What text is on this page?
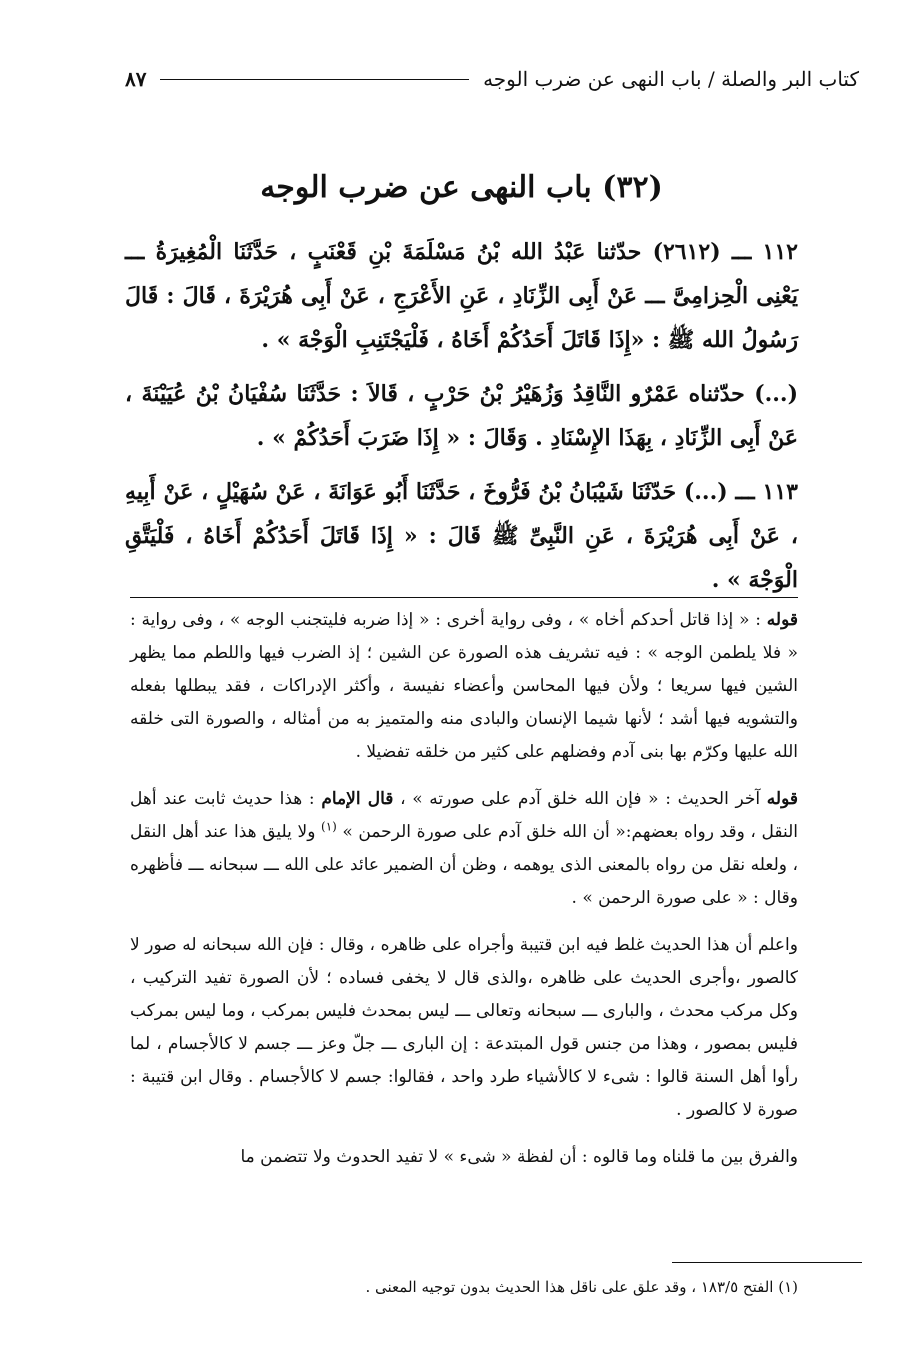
كتاب البر والصلة / باب النهى عن ضرب الوجه
٨٧
(٣٢) باب النهى عن ضرب الوجه

١١٢ ـــ (٢٦١٢) حدّثنا عَبْدُ الله بْنُ مَسْلَمَةَ بْنِ قَعْنَبٍ ، حَدَّثَنَا الْمُغِيرَةُ ـــ يَعْنِى الْحِزامِىَّ ـــ عَنْ أَبِى الزِّنَادِ ، عَنِ الأَعْرَجِ ، عَنْ أَبِى هُرَيْرَةَ ، قَالَ : قَالَ رَسُولُ الله ﷺ : «إِذَا قَاتَلَ أَحَدُكُمْ أَخَاهُ ، فَلْيَجْتَنِبِ الْوَجْهَ » .

(...) حدّثناه عَمْرٌو النَّاقِدُ وَزُهَيْرُ بْنُ حَرْبٍ ، قَالاَ : حَدَّثَنَا سُفْيَانُ بْنُ عُيَيْنَةَ ، عَنْ أَبِى الزِّنَادِ ، بِهَذَا الإِسْنَادِ . وَقَالَ : « إِذَا ضَرَبَ أَحَدُكُمْ » .

١١٣ ـــ (...) حَدّثَنَا شَيْبَانُ بْنُ فَرُّوخَ ، حَدَّثَنَا أَبُو عَوَانَةَ ، عَنْ سُهَيْلٍ ، عَنْ أَبِيهِ ، عَنْ أَبِى هُرَيْرَةَ ، عَنِ النَّبِىِّ ﷺ قَالَ : « إِذَا قَاتَلَ أَحَدُكُمْ أَخَاهُ ، فَلْيَتَّقِ الْوَجْهَ » .

قوله : « إذا قاتل أحدكم أخاه » ، وفى رواية أخرى : « إذا ضربه فليتجنب الوجه » ، وفى رواية : « فلا يلطمن الوجه » : فيه تشريف هذه الصورة عن الشين ؛ إذ الضرب فيها واللطم مما يظهر الشين فيها سريعا ؛ ولأن فيها المحاسن وأعضاء نفيسة ، وأكثر الإدراكات ، فقد يبطلها بفعله والتشويه فيها أشد ؛ لأنها شيما الإنسان والبادى منه والمتميز به من أمثاله ، والصورة التى خلقه الله عليها وكرّم بها بنى آدم وفضلهم على كثير من خلقه تفضيلا .

قوله آخر الحديث : « فإن الله خلق آدم على صورته » ، قال الإمام : هذا حديث ثابت عند أهل النقل ، وقد رواه بعضهم:« أن الله خلق آدم على صورة الرحمن » $^{(١)}$ ولا يليق هذا عند أهل النقل ، ولعله نقل من رواه بالمعنى الذى يوهمه ، وظن أن الضمير عائد على الله ـــ سبحانه ـــ فأظهره وقال : « على صورة الرحمن » .

واعلم أن هذا الحديث غلط فيه ابن قتيبة وأجراه على ظاهره ، وقال : فإن الله سبحانه له صور لا كالصور ،وأجرى الحديث على ظاهره ،والذى قال لا يخفى فساده ؛ لأن الصورة تفيد التركيب ، وكل مركب محدث ، والبارى ـــ سبحانه وتعالى ـــ ليس بمحدث فليس بمركب ، وما ليس بمركب فليس بمصور ، وهذا من جنس قول المبتدعة : إن البارى ـــ جلّ وعز ـــ جسم لا كالأجسام ، لما رأوا أهل السنة قالوا : شىء لا كالأشياء طرد واحد ، فقالوا: جسم لا كالأجسام . وقال ابن قتيبة : صورة لا كالصور .

والفرق بين ما قلناه وما قالوه : أن لفظة « شىء » لا تفيد الحدوث ولا تتضمن ما

(١) الفتح ١٨٣/٥ ، وقد علق على ناقل هذا الحديث بدون توجيه المعنى .
